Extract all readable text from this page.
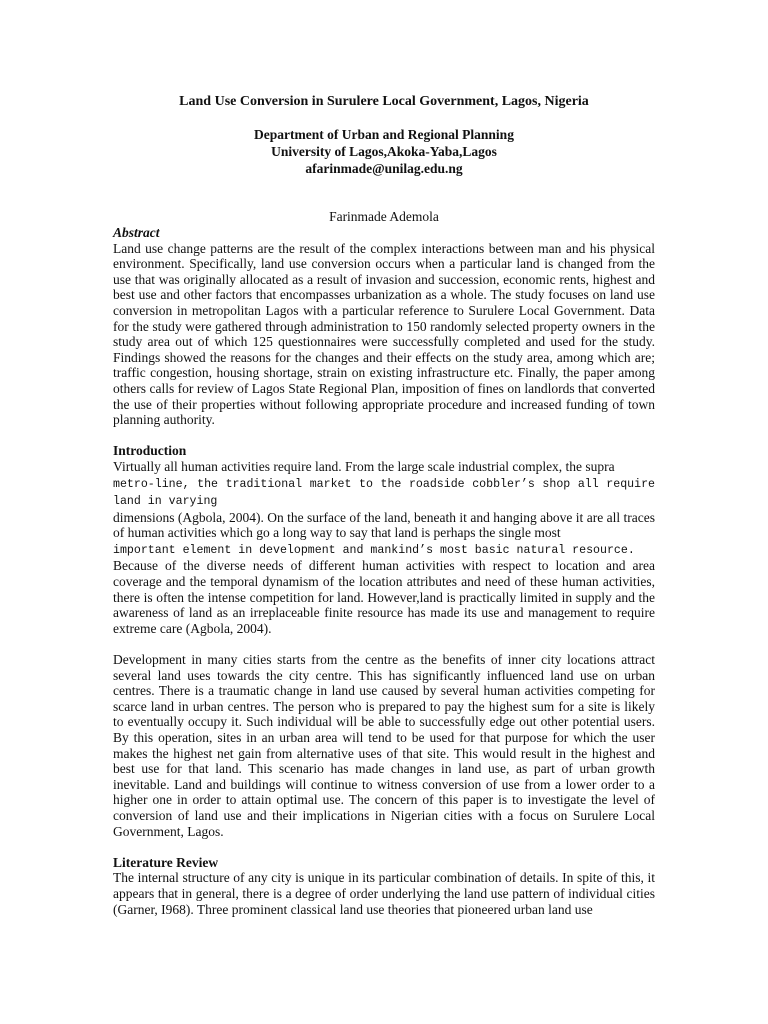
Land Use Conversion in Surulere Local Government, Lagos, Nigeria
Department of Urban and Regional Planning
University of Lagos,Akoka-Yaba,Lagos
afarinmade@unilag.edu.ng
Farinmade Ademola

Abstract

Land use change patterns are the result of the complex interactions between man and his physical environment. Specifically, land use conversion occurs when a particular land is changed from the use that was originally allocated as a result of invasion and succession, economic rents, highest and best use and other factors that encompasses urbanization as a whole. The study focuses on land use conversion in metropolitan Lagos with a particular reference to Surulere Local Government. Data for the study were gathered through administration to 150 randomly selected property owners in the study area out of which 125 questionnaires were successfully completed and used for the study. Findings showed the reasons for the changes and their effects on the study area, among which are; traffic congestion, housing shortage, strain on existing infrastructure etc. Finally, the paper among others calls for review of Lagos State Regional Plan, imposition of fines on landlords that converted the use of their properties without following appropriate procedure and increased funding of town planning authority.

Introduction

Virtually all human activities require land. From the large scale industrial complex, the supra
metro-line, the traditional market to the roadside cobbler’s shop all require land in varying
dimensions (Agbola, 2004). On the surface of the land, beneath it and hanging above it are all traces of human activities which go a long way to say that land is perhaps the single most
important element in development and mankind’s most basic natural resource.

Because of the diverse needs of different human activities with respect to location and area coverage and the temporal dynamism of the location attributes and need of these human activities, there is often the intense competition for land. However,land is practically limited in supply and the awareness of land as an irreplaceable finite resource has made its use and management to require extreme care (Agbola, 2004).

Development in many cities starts from the centre as the benefits of inner city locations attract several land uses towards the city centre. This has significantly influenced land use on urban centres. There is a traumatic change in land use caused by several human activities competing for scarce land in urban centres. The person who is prepared to pay the highest sum for a site is likely to eventually occupy it. Such individual will be able to successfully edge out other potential users. By this operation, sites in an urban area will tend to be used for that purpose for which the user makes the highest net gain from alternative uses of that site. This would result in the highest and best use for that land. This scenario has made changes in land use, as part of urban growth inevitable. Land and buildings will continue to witness conversion of use from a lower order to a higher one in order to attain optimal use. The concern of this paper is to investigate the level of conversion of land use and their implications in Nigerian cities with a focus on Surulere Local Government, Lagos.

Literature Review

The internal structure of any city is unique in its particular combination of details. In spite of this, it appears that in general, there is a degree of order underlying the land use pattern of individual cities (Garner, I968). Three prominent classical land use theories that pioneered urban land use
